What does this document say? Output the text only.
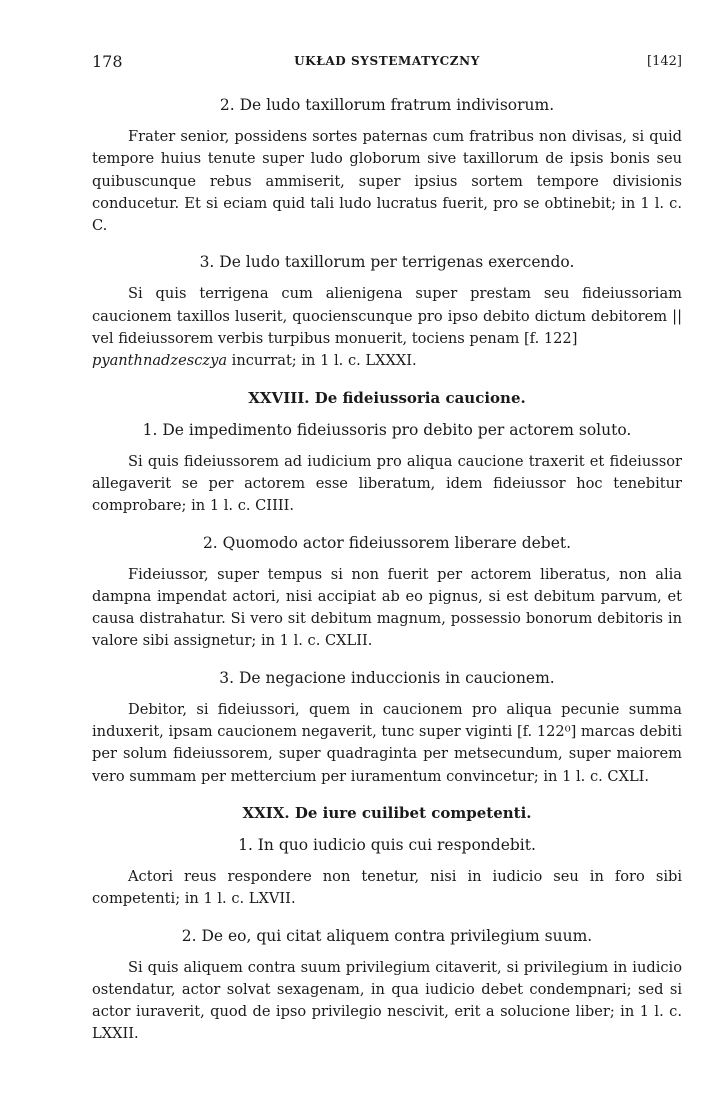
178	UKŁAD SYSTEMATYCZNY	[142]
2. De ludo taxillorum fratrum indivisorum.

Frater senior, possidens sortes paternas cum fratribus non divisas, si quid tempore huius tenute super ludo globorum sive taxillorum de ipsis bonis seu quibuscunque rebus ammiserit, super ipsius sortem tempore divisionis conducetur. Et si eciam quid tali ludo lucratus fuerit, pro se obtinebit; in 1 l. c. C.

3. De ludo taxillorum per terrigenas exercendo.

Si quis terrigena cum alienigena super prestam seu fideiussoriam caucionem taxillos luserit, quocienscunque pro ipso debito dictum debitorem || vel fideiussorem verbis turpibus monuerit, tociens penam [f. 122]
pyanthnadzesczya incurrat; in 1 l. c. LXXXI.

XXVIII. De fideiussoria caucione.
1. De impedimento fideiussoris pro debito per actorem soluto.

Si quis fideiussorem ad iudicium pro aliqua caucione traxerit et fideiussor allegaverit se per actorem esse liberatum, idem fideiussor hoc tenebitur comprobare; in 1 l. c. CIIII.

2. Quomodo actor fideiussorem liberare debet.

Fideiussor, super tempus si non fuerit per actorem liberatus, non alia dampna impendat actori, nisi accipiat ab eo pignus, si est debitum parvum, et causa distrahatur. Si vero sit debitum magnum, possessio bonorum debitoris in valore sibi assignetur; in 1 l. c. CXLII.

3. De negacione induccionis in caucionem.

Debitor, si fideiussori, quem in caucionem pro aliqua pecunie summa induxerit, ipsam caucionem negaverit, tunc super viginti [f. 122⁰] marcas debiti per solum fideiussorem, super quadraginta per metsecundum, super maiorem vero summam per mettercium per iuramentum convincetur; in 1 l. c. CXLI.

XXIX. De iure cuilibet competenti.
1. In quo iudicio quis cui respondebit.

Actori reus respondere non tenetur, nisi in iudicio seu in foro sibi competenti; in 1 l. c. LXVII.

2. De eo, qui citat aliquem contra privilegium suum.

Si quis aliquem contra suum privilegium citaverit, si privilegium in iudicio ostendatur, actor solvat sexagenam, in qua iudicio debet condempnari; sed si actor iuraverit, quod de ipso privilegio nescivit, erit a solucione liber; in 1 l. c. LXXII.
